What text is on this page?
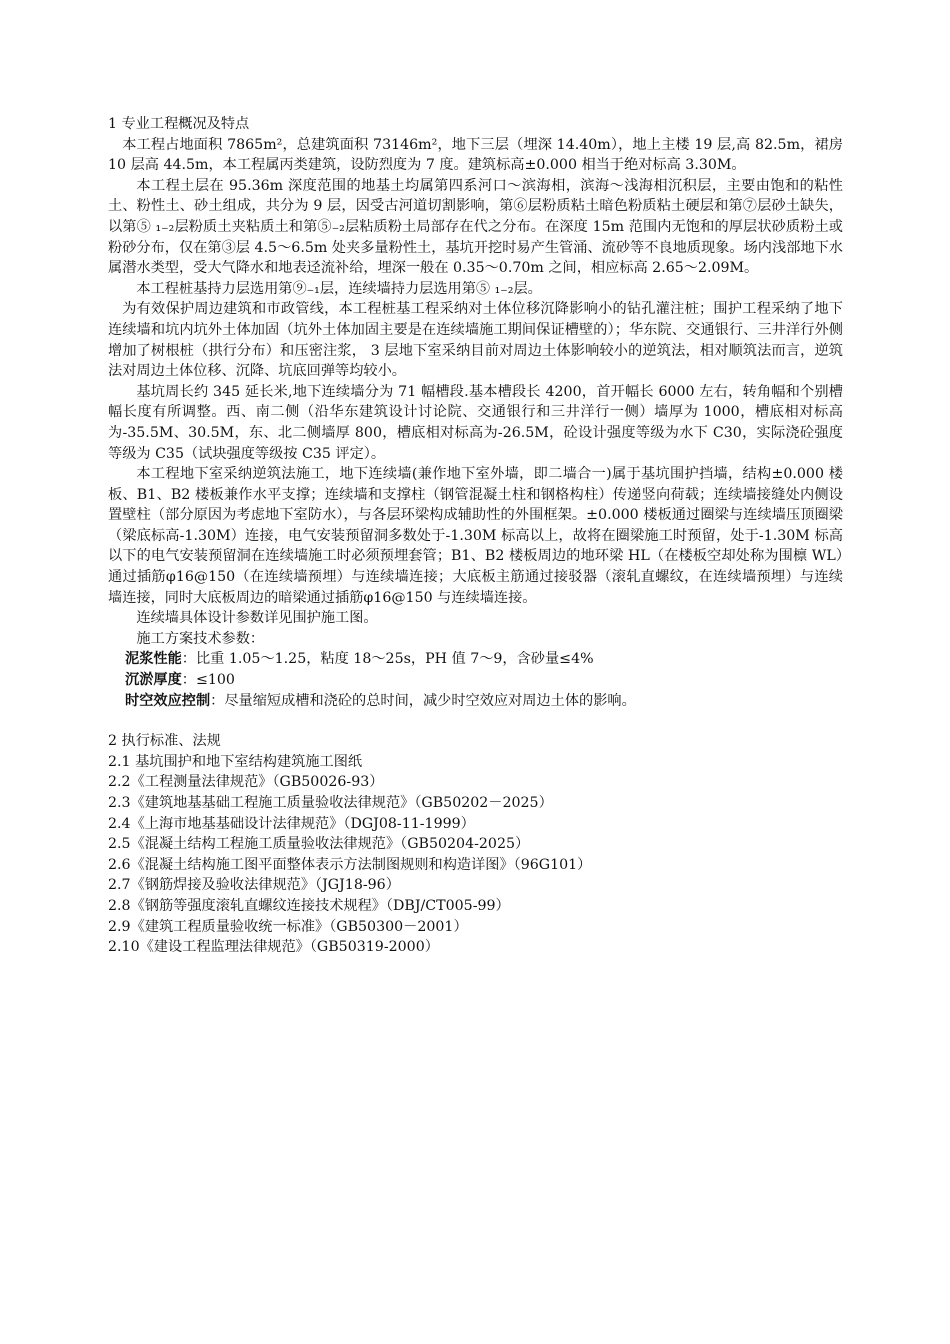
1 专业工程概况及特点

本工程占地面积 7865m²，总建筑面积 73146m²，地下三层（埋深 14.40m），地上主楼 19 层,高 82.5m，裙房 10 层高 44.5m，本工程属丙类建筑，设防烈度为 7 度。建筑标高±0.000 相当于绝对标高 3.30M。

本工程土层在 95.36m 深度范围的地基土均属第四系河口～滨海相，滨海～浅海相沉积层，主要由饱和的粘性土、粉性土、砂土组成，共分为 9 层，因受古河道切割影响，第⑥层粉质粘土暗色粉质粘土硬层和第⑦层砂土缺失，以第⑤ ₁₋₂层粉质土夹粘质土和第⑤₋₂层粘质粉土局部存在代之分布。在深度 15m 范围内无饱和的厚层状砂质粉土或粉砂分布，仅在第③层 4.5～6.5m 处夹多量粉性土，基坑开挖时易产生管涌、流砂等不良地质现象。场内浅部地下水属潜水类型，受大气降水和地表迳流补给，埋深一般在 0.35～0.70m 之间，相应标高 2.65～2.09M。

本工程桩基持力层选用第⑨₋₁层，连续墙持力层选用第⑤ ₁₋₂层。

为有效保护周边建筑和市政管线，本工程桩基工程采纳对土体位移沉降影响小的钻孔灌注桩；围护工程采纳了地下连续墙和坑内坑外土体加固（坑外土体加固主要是在连续墙施工期间保证槽壁的）；华东院、交通银行、三井洋行外侧增加了树根桩（拱行分布）和压密注浆， 3 层地下室采纳目前对周边土体影响较小的逆筑法，相对顺筑法而言，逆筑法对周边土体位移、沉降、坑底回弹等均较小。

基坑周长约 345 延长米,地下连续墙分为 71 幅槽段.基本槽段长 4200，首开幅长 6000 左右，转角幅和个别槽幅长度有所调整。西、南二侧（沿华东建筑设计讨论院、交通银行和三井洋行一侧）墙厚为 1000，槽底相对标高为-35.5M、30.5M，东、北二侧墙厚 800，槽底相对标高为-26.5M，砼设计强度等级为水下 C30，实际浇砼强度等级为 C35（试块强度等级按 C35 评定）。

本工程地下室采纳逆筑法施工，地下连续墙(兼作地下室外墙，即二墙合一)属于基坑围护挡墙，结构±0.000 楼板、B1、B2 楼板兼作水平支撑；连续墙和支撑柱（钢管混凝土柱和钢格构柱）传递竖向荷载；连续墙接缝处内侧设置壁柱（部分原因为考虑地下室防水），与各层环梁构成辅助性的外围框架。±0.000 楼板通过圈梁与连续墙压顶圈梁（梁底标高-1.30M）连接，电气安装预留洞多数处于-1.30M 标高以上，故将在圈梁施工时预留，处于-1.30M 标高以下的电气安装预留洞在连续墙施工时必须预埋套管；B1、B2 楼板周边的地环梁 HL（在楼板空却处称为围檩 WL）通过插筋φ16@150（在连续墙预埋）与连续墙连接；大底板主筋通过接驳器（滚轧直螺纹，在连续墙预埋）与连续墙连接，同时大底板周边的暗梁通过插筋φ16@150 与连续墙连接。

连续墙具体设计参数详见围护施工图。

施工方案技术参数：

泥浆性能：比重 1.05～1.25，粘度 18～25s，PH 值 7～9，含砂量≤4%

沉淤厚度：≤100

时空效应控制：尽量缩短成槽和浇砼的总时间，减少时空效应对周边土体的影响。

2 执行标准、法规

2.1 基坑围护和地下室结构建筑施工图纸

2.2《工程测量法律规范》（GB50026-93）

2.3《建筑地基基础工程施工质量验收法律规范》（GB50202－2025）

2.4《上海市地基基础设计法律规范》（DGJ08-11-1999）

2.5《混凝土结构工程施工质量验收法律规范》（GB50204-2025）

2.6《混凝土结构施工图平面整体表示方法制图规则和构造详图》（96G101）

2.7《钢筋焊接及验收法律规范》（JGJ18-96）

2.8《钢筋等强度滚轧直螺纹连接技术规程》（DBJ/CT005-99）

2.9《建筑工程质量验收统一标准》（GB50300－2001）

2.10《建设工程监理法律规范》（GB50319-2000）
